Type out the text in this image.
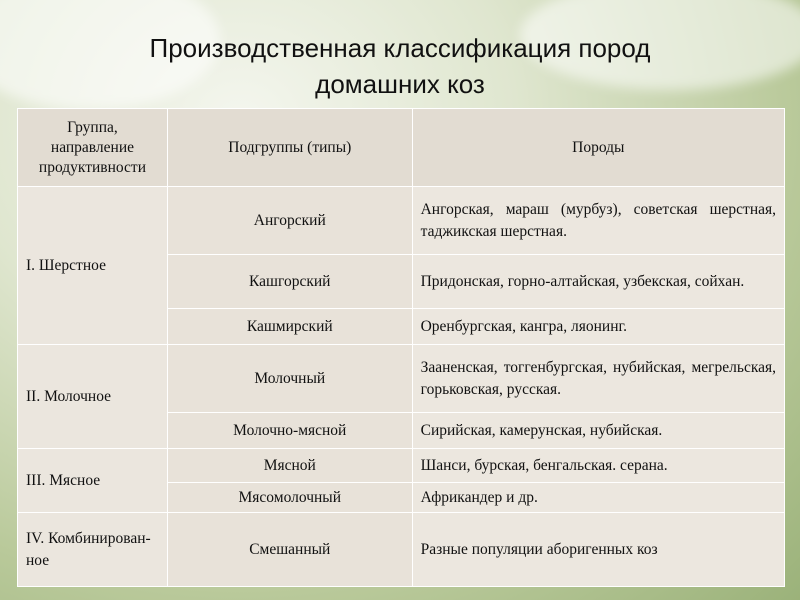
Производственная классификация пород
домашних коз
Группа, направление продуктивности	Подгруппы (типы)	Породы
I. Шерстное	Ангорский	Ангорская, мараш (мурбуз), советская шерстная, таджикская шерстная.
	Кашгорский	Придонская, горно-алтайская, узбекская, сойхан.
	Кашмирский	Оренбургская, кангра, ляонинг.
II. Молочное	Молочный	Зааненская, тоггенбургская, нубийская, мегрельская, горьковская, русская.
	Молочно-мясной	Сирийская, камерунская, нубийская.
III. Мясное	Мясной	Шанси, бурская, бенгальская. серана.
	Мясомолочный	Африкандер и др.
IV. Комбинирован-ное	Смешанный	Разные популяции аборигенных коз
